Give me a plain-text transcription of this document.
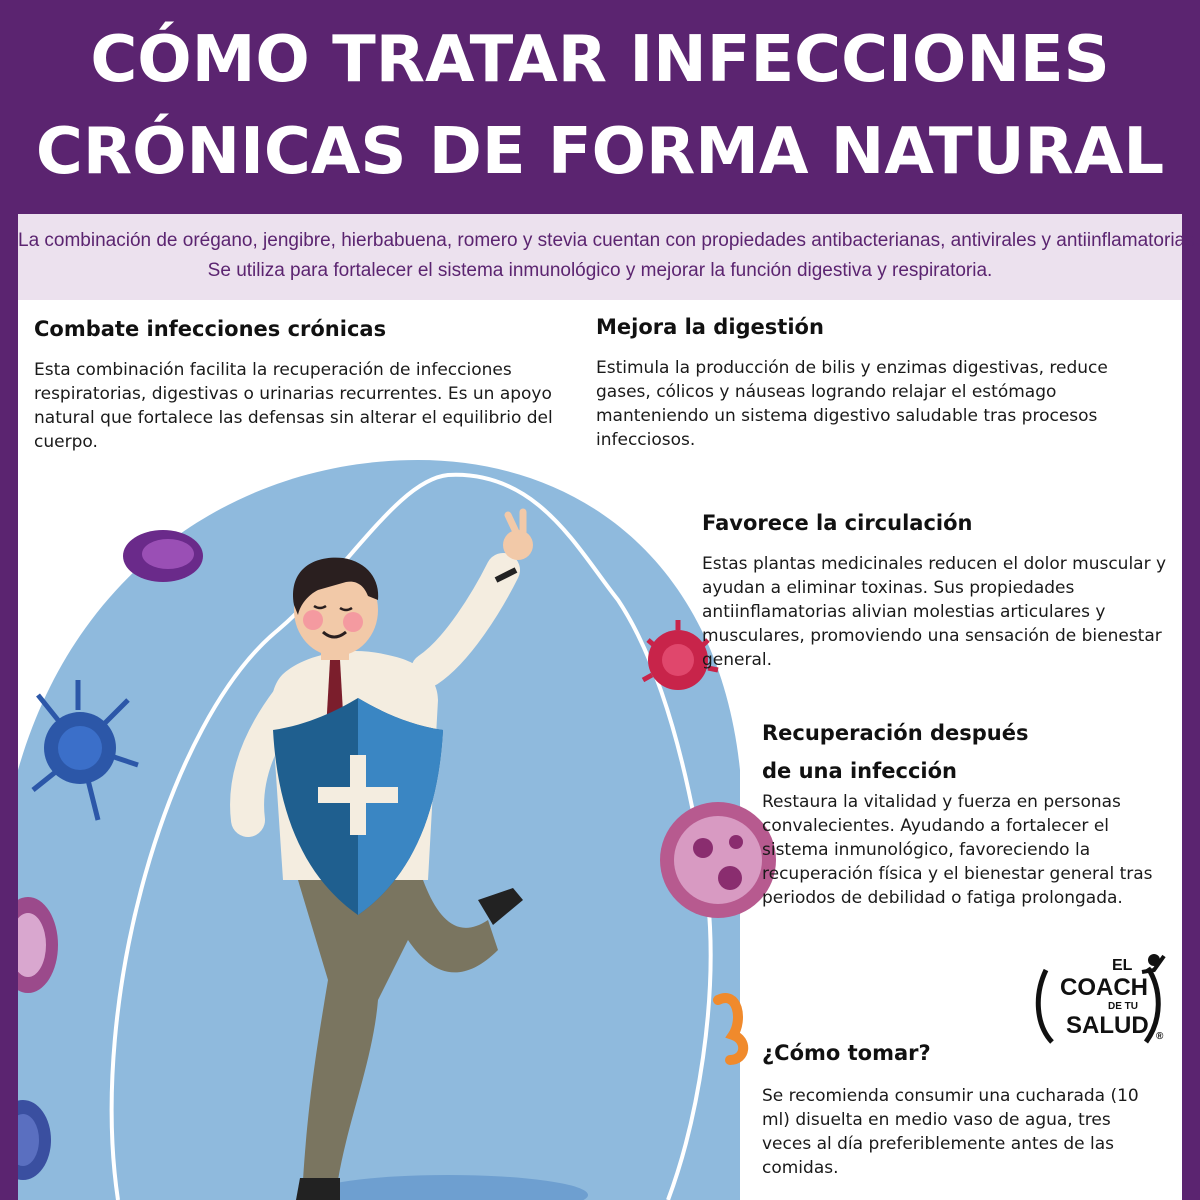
CÓMO TRATAR INFECCIONES
CRÓNICAS DE FORMA NATURAL
La combinación de orégano, jengibre, hierbabuena, romero y stevia cuentan con propiedades antibacterianas, antivirales y antiinflamatorias.
Se utiliza para fortalecer el sistema inmunológico y mejorar la función digestiva y respiratoria.
Combate infecciones crónicas

Esta combinación facilita la recuperación de infecciones respiratorias, digestivas o urinarias recurrentes. Es un apoyo natural que fortalece las defensas sin alterar el equilibrio del cuerpo.

Mejora la digestión

Estimula la producción de bilis y enzimas digestivas, reduce gases, cólicos y náuseas logrando relajar el estómago manteniendo un sistema digestivo saludable tras procesos infecciosos.

Favorece la circulación

Estas plantas medicinales reducen el dolor muscular y ayudan a eliminar toxinas. Sus propiedades antiinflamatorias alivian molestias articulares y musculares, promoviendo una sensación de bienestar general.

Recuperación después
de una infección

Restaura la vitalidad y fuerza en personas convalecientes. Ayudando a fortalecer el sistema inmunológico, favoreciendo la recuperación física y el bienestar general tras periodos de debilidad o fatiga prolongada.

EL
COACH
DE TU
SALUD ®
¿Cómo tomar?

Se recomienda consumir una cucharada (10 ml) disuelta en medio vaso de agua, tres veces al día preferiblemente antes de las comidas.
